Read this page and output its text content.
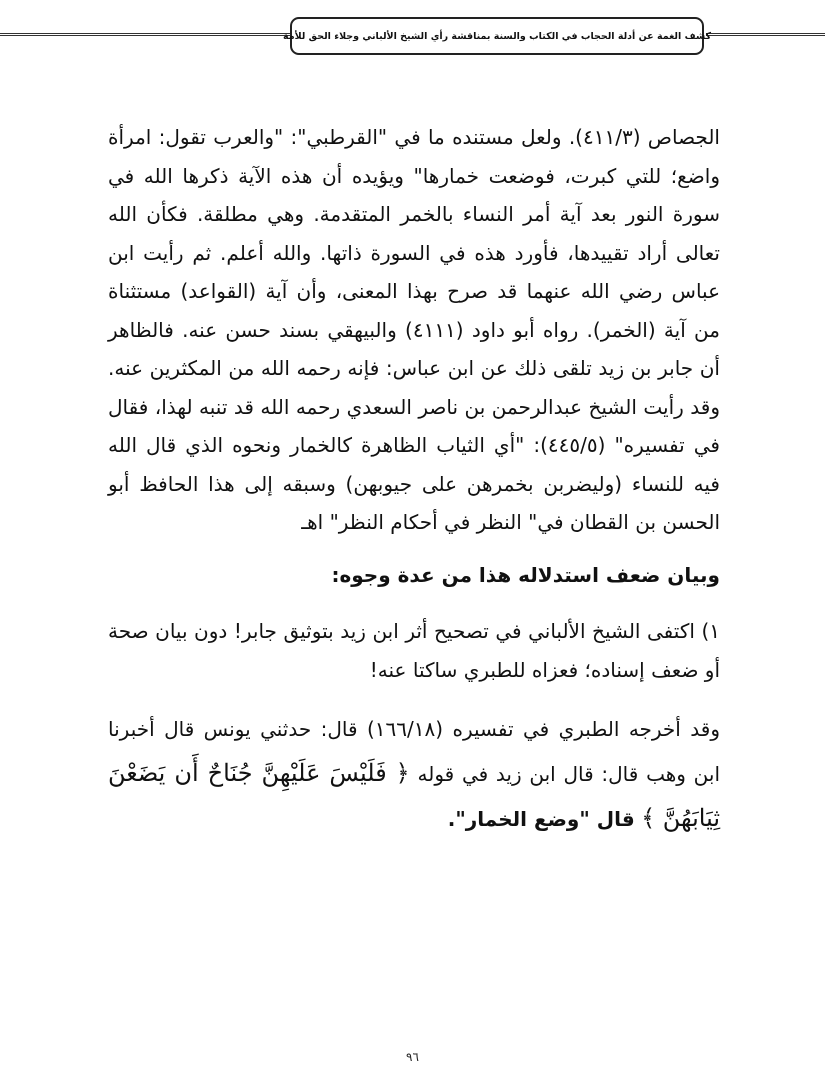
كشف الغمة عن أدلة الحجاب في الكتاب والسنة بمناقشة رأي الشيخ الألباني وجلاء الحق للأمة

الجصاص (٤١١/٣). ولعل مستنده ما في "القرطبي": "والعرب تقول: امرأة واضع؛ للتي كبرت، فوضعت خمارها" ويؤيده أن هذه الآية ذكرها الله في سورة النور بعد آية أمر النساء بالخمر المتقدمة. وهي مطلقة. فكأن الله تعالى أراد تقييدها، فأورد هذه في السورة ذاتها. والله أعلم. ثم رأيت ابن عباس رضي الله عنهما قد صرح بهذا المعنى، وأن آية (القواعد) مستثناة من آية (الخمر). رواه أبو داود (٤١١١) والبيهقي بسند حسن عنه. فالظاهر أن جابر بن زيد تلقى ذلك عن ابن عباس: فإنه رحمه الله من المكثرين عنه. وقد رأيت الشيخ عبدالرحمن بن ناصر السعدي رحمه الله قد تنبه لهذا، فقال في تفسيره" (٤٤٥/٥): "أي الثياب الظاهرة كالخمار ونحوه الذي قال الله فيه للنساء (وليضربن بخمرهن على جيوبهن) وسبقه إلى هذا الحافظ أبو الحسن بن القطان في" النظر في أحكام النظر" اهـ

وبيان ضعف استدلاله هذا من عدة وجوه:

١) اكتفى الشيخ الألباني في تصحيح أثر ابن زيد بتوثيق جابر! دون بيان صحة أو ضعف إسناده؛ فعزاه للطبري ساكتا عنه!

وقد أخرجه الطبري في تفسيره (١٦٦/١٨) قال: حدثني يونس قال أخبرنا ابن وهب قال: قال ابن زيد في قوله ﴿ فَلَيْسَ عَلَيْهِنَّ جُنَاحٌ أَن يَضَعْنَ ثِيَابَهُنَّ ﴾ قال "وضع الخمار".

٩٦
